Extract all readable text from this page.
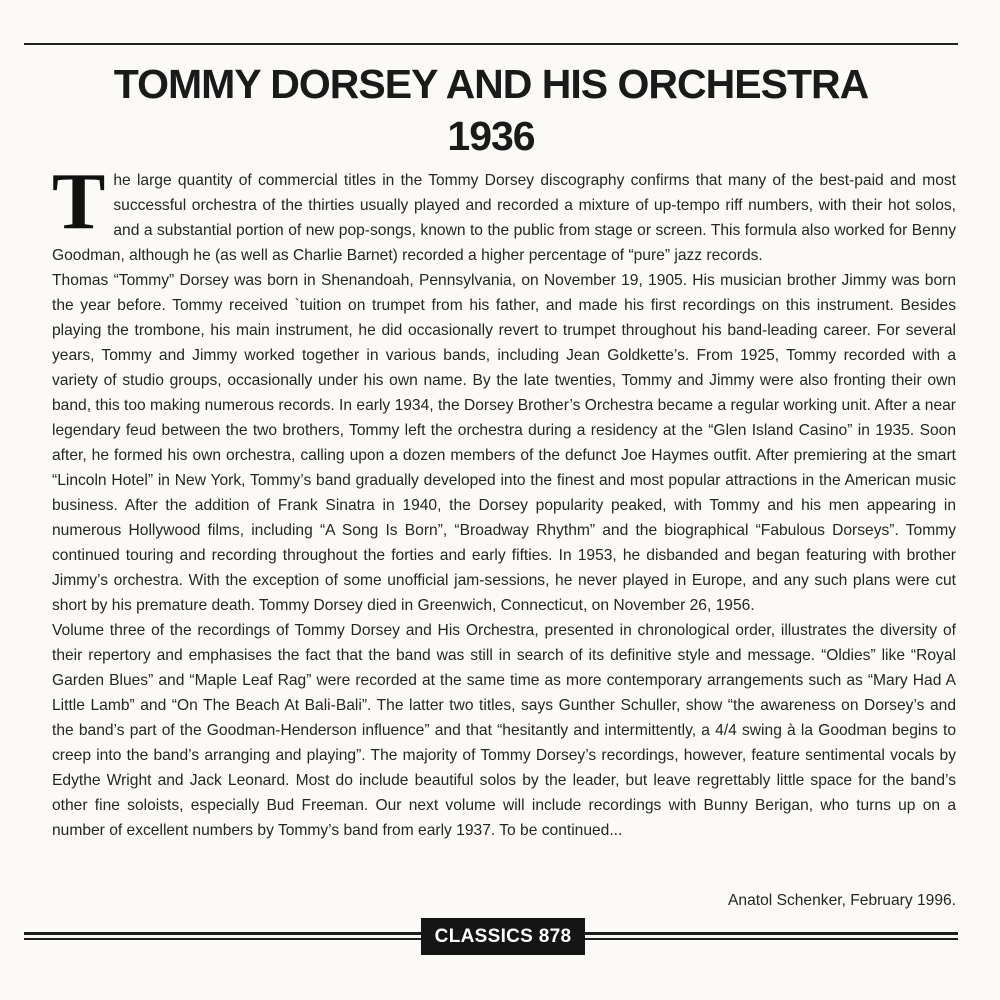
TOMMY DORSEY AND HIS ORCHESTRA
1936

The large quantity of commercial titles in the Tommy Dorsey discography confirms that many of the best-paid and most successful orchestra of the thirties usually played and recorded a mixture of up-tempo riff numbers, with their hot solos, and a substantial portion of new pop-songs, known to the public from stage or screen. This formula also worked for Benny Goodman, although he (as well as Charlie Barnet) recorded a higher percentage of “pure” jazz records.

Thomas “Tommy” Dorsey was born in Shenandoah, Pennsylvania, on November 19, 1905. His musician brother Jimmy was born the year before. Tommy received `tuition on trumpet from his father, and made his first recordings on this instrument. Besides playing the trombone, his main instrument, he did occasionally revert to trumpet throughout his band-leading career. For several years, Tommy and Jimmy worked together in various bands, including Jean Goldkette’s. From 1925, Tommy recorded with a variety of studio groups, occasionally under his own name. By the late twenties, Tommy and Jimmy were also fronting their own band, this too making numerous records. In early 1934, the Dorsey Brother’s Orchestra became a regular working unit. After a near legendary feud between the two brothers, Tommy left the orchestra during a residency at the “Glen Island Casino” in 1935. Soon after, he formed his own orchestra, calling upon a dozen members of the defunct Joe Haymes outfit. After premiering at the smart “Lincoln Hotel” in New York, Tommy’s band gradually developed into the finest and most popular attractions in the American music business. After the addition of Frank Sinatra in 1940, the Dorsey popularity peaked, with Tommy and his men appearing in numerous Hollywood films, including “A Song Is Born”, “Broadway Rhythm” and the biographical “Fabulous Dorseys”. Tommy continued touring and recording throughout the forties and early fifties. In 1953, he disbanded and began featuring with brother Jimmy’s orchestra. With the exception of some unofficial jam-sessions, he never played in Europe, and any such plans were cut short by his premature death. Tommy Dorsey died in Greenwich, Connecticut, on November 26, 1956.

Volume three of the recordings of Tommy Dorsey and His Orchestra, presented in chronological order, illustrates the diversity of their repertory and emphasises the fact that the band was still in search of its definitive style and message. “Oldies” like “Royal Garden Blues” and “Maple Leaf Rag” were recorded at the same time as more contemporary arrangements such as “Mary Had A Little Lamb” and “On The Beach At Bali-Bali”. The latter two titles, says Gunther Schuller, show “the awareness on Dorsey’s and the band’s part of the Goodman-Henderson influence” and that “hesitantly and intermittently, a 4/4 swing à la Goodman begins to creep into the band’s arranging and playing”. The majority of Tommy Dorsey’s recordings, however, feature sentimental vocals by Edythe Wright and Jack Leonard. Most do include beautiful solos by the leader, but leave regrettably little space for the band’s other fine soloists, especially Bud Freeman. Our next volume will include recordings with Bunny Berigan, who turns up on a number of excellent numbers by Tommy’s band from early 1937. To be continued...

Anatol Schenker, February 1996.
CLASSICS 878
